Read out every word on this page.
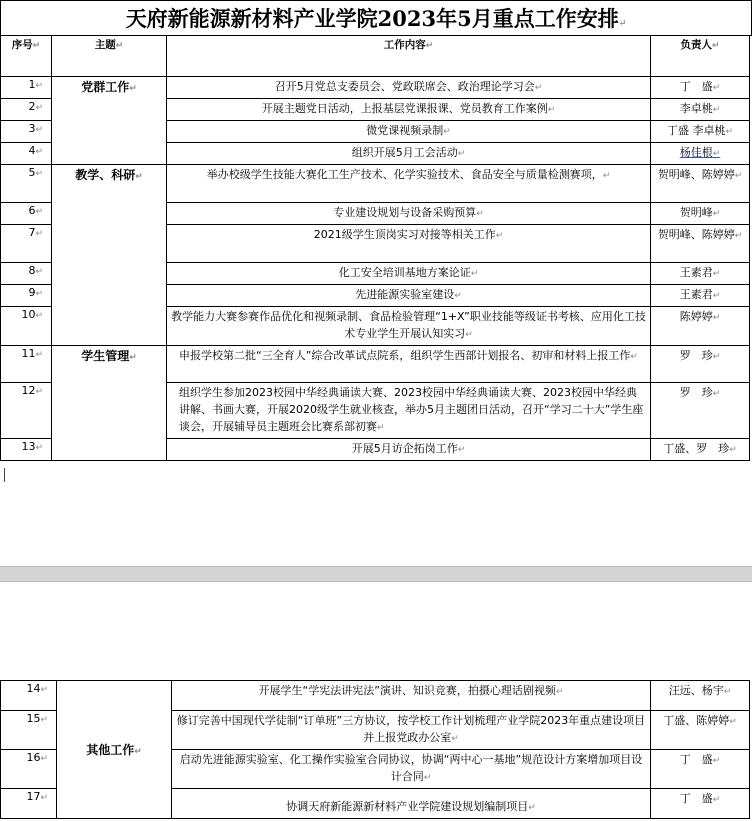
天府新能源新材料产业学院2023年5月重点工作安排↵
序号↵	主题↵	工作内容↵	负责人↵
1↵	党群工作↵	召开5月党总支委员会、党政联席会、政治理论学习会↵	丁　盛↵
2↵		开展主题党日活动，上报基层党课报课、党员教育工作案例↵	李卓桃↵
3↵		微党课视频录制↵	丁盛 李卓桃↵
4↵		组织开展5月工会活动↵	杨佳根↵
5↵	教学、科研↵	举办校级学生技能大赛化工生产技术、化学实验技术、食品安全与质量检测赛项，↵	贺明峰、陈婷婷↵
6↵		专业建设规划与设备采购预算↵	贺明峰↵
7↵		2021级学生顶岗实习对接等相关工作↵	贺明峰、陈婷婷↵
8↵		化工安全培训基地方案论证↵	王素君↵
9↵		先进能源实验室建设↵	王素君↵
10↵		教学能力大赛参赛作品优化和视频录制、食品检验管理“1+X”职业技能等级证书考核、应用化工技术专业学生开展认知实习↵	陈婷婷↵
11↵	学生管理↵	申报学校第二批“三全育人”综合改革试点院系，组织学生西部计划报名、初审和材料上报工作↵	罗　珍↵
12↵		组织学生参加2023校园中华经典诵读大赛、2023校园中华经典诵读大赛、2023校园中华经典讲解、书画大赛，开展2020级学生就业核查，举办5月主题团日活动，召开“学习二十大”学生座谈会，开展辅导员主题班会比赛系部初赛↵	罗　珍↵
13↵		开展5月访企拓岗工作↵	丁盛、罗　珍↵
14↵	其他工作↵	开展学生“学宪法讲宪法”演讲、知识竞赛，拍摄心理话剧视频↵	汪远、杨宇↵
15↵		修订完善中国现代学徒制“订单班”三方协议，按学校工作计划梳理产业学院2023年重点建设项目并上报党政办公室↵	丁盛、陈婷婷↵
16↵		启动先进能源实验室、化工操作实验室合同协议，协调“两中心一基地”规范设计方案增加项目设计合同↵	丁　盛↵
17↵		协调天府新能源新材料产业学院建设规划编制项目↵	丁　盛↵
